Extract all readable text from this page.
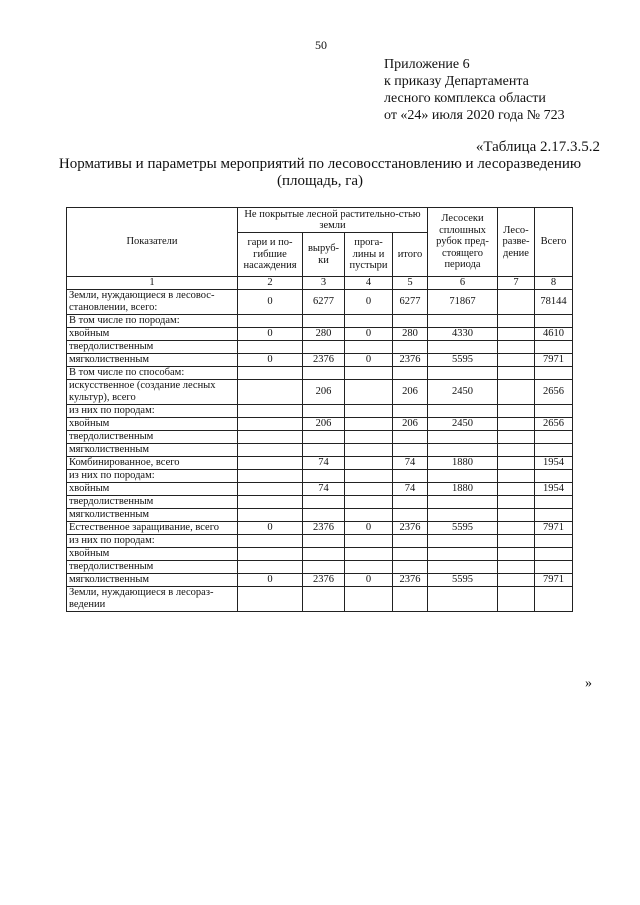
50
Приложение 6
к приказу Департамента
лесного комплекса области
от «24» июля 2020 года № 723
«Таблица 2.17.3.5.2
Нормативы и параметры мероприятий по лесовосстановлению и лесоразведению
(площадь, га)
Показатели	Не покрытые лесной растительно-стью земли				Лесосеки сплошных рубок пред-стоящего периода	Лесо-разве-дение	Всего
	гари и по-гибшие насаждения	выруб-ки	прога-лины и пустыри	итого			
1	2	3	4	5	6	7	8
Земли, нуждающиеся в лесовос-становлении, всего:	0	6277	0	6277	71867		78144
В том числе по породам:							
хвойным	0	280	0	280	4330		4610
твердолиственным							
мягколиственным	0	2376	0	2376	5595		7971
В том числе по способам:							
искусственное (создание лесных культур), всего		206		206	2450		2656
из них по породам:							
хвойным		206		206	2450		2656
твердолиственным							
мягколиственным							
Комбинированное, всего		74		74	1880		1954
из них по породам:							
хвойным		74		74	1880		1954
твердолиственным							
мягколиственным							
Естественное заращивание, всего	0	2376	0	2376	5595		7971
из них по породам:							
хвойным							
твердолиственным							
мягколиственным	0	2376	0	2376	5595		7971
Земли, нуждающиеся в лесораз-ведении							
»
